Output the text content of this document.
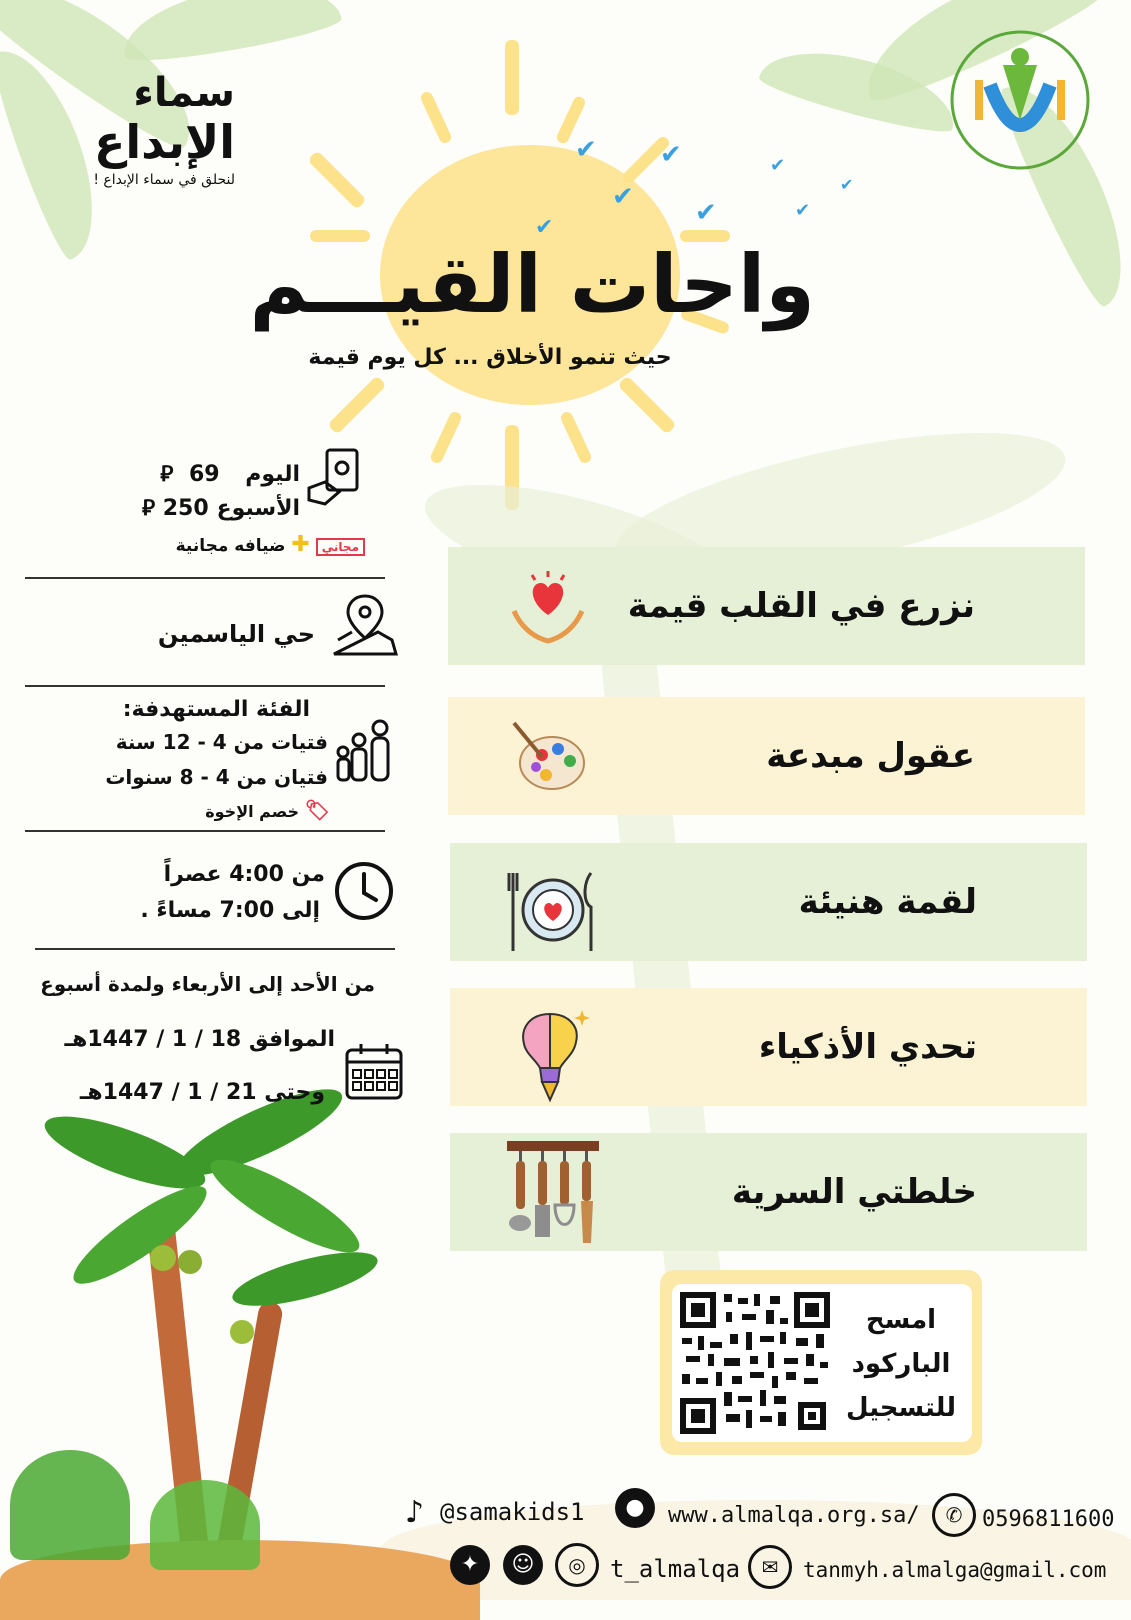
✔ ✔
✔
✔
✔
✔
✔
✔
سماء
الإبداع
لنحلق في سماء الإبداع !
واحات القيـــم
حيث تنمو الأخلاق ... كل يوم قيمة
اليوم 69 ⃁
الأسبوع250 ⃁
مجاني ✚ ضيافه مجانية
حي الياسمين
الفئة المستهدفة:
فتيات من 4 - 12 سنة
فتيان من 4 - 8 سنوات
🏷 خصم الإخوة
من 4:00 عصراً
إلى 7:00 مساءً .
من الأحد إلى الأربعاء ولمدة أسبوع
الموافق 18 / 1 / 1447هـ
وحتى 21 / 1 / 1447هـ
نزرع في القلب قيمة
عقول مبدعة
لقمة هنيئة
تحدي الأذكياء
خلطتي السرية
امسح
الباركود
للتسجيل
♪ @samakids1	●	www.almalqa.org.sa/	✆ 0596811600
✦	☺	◎	t_almalqa	✉	tanmyh.almalga@gmail.com
